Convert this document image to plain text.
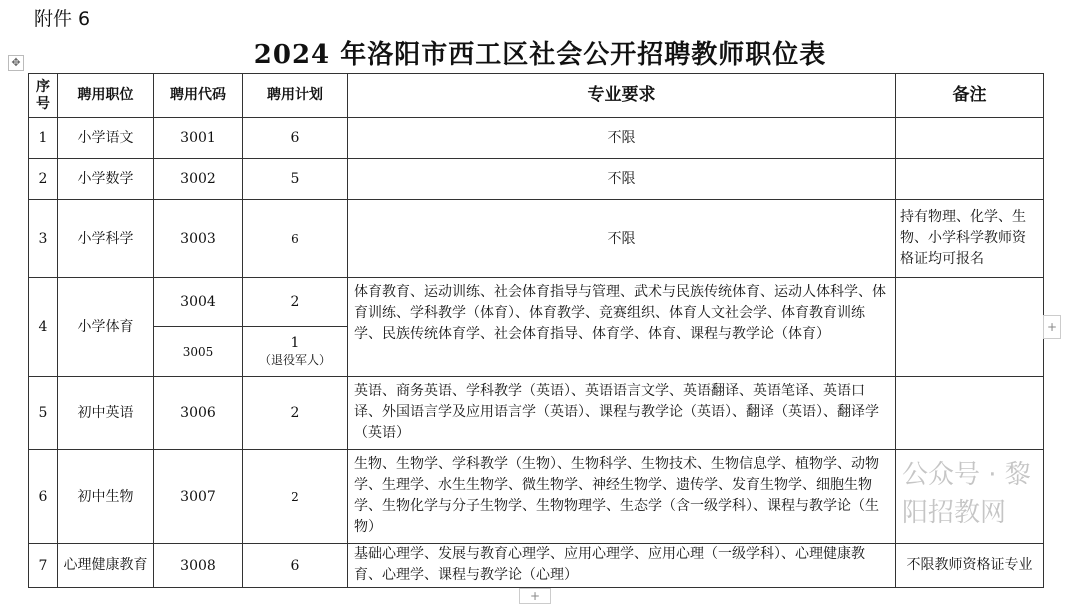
附件 6
2024 年洛阳市西工区社会公开招聘教师职位表
✥
序号	聘用职位	聘用代码	聘用计划	专业要求	备注
1	小学语文	3001	6	不限	
2	小学数学	3002	5	不限	
3	小学科学	3003	6	不限	持有物理、化学、生物、小学科学教师资格证均可报名
4	小学体育	3004	2	体育教育、运动训练、社会体育指导与管理、武术与民族传统体育、运动人体科学、体育训练、学科教学（体育）、体育教学、竞赛组织、体育人文社会学、体育教育训练学、民族传统体育学、社会体育指导、体育学、体育、课程与教学论（体育）	
		3005	1
（退役军人）		

5	初中英语	3006	2	英语、商务英语、学科教学（英语）、英语语言文学、英语翻译、英语笔译、英语口译、外国语言学及应用语言学（英语）、课程与教学论（英语）、翻译（英语）、翻译学（英语）	
6	初中生物	3007	2	生物、生物学、学科教学（生物）、生物科学、生物技术、生物信息学、植物学、动物学、生理学、水生生物学、微生物学、神经生物学、遗传学、发育生物学、细胞生物学、生物化学与分子生物学、生物物理学、生态学（含一级学科）、课程与教学论（生物）	
7	心理健康教育	3008	6	基础心理学、发展与教育心理学、应用心理学、应用心理（一级学科）、心理健康教育、心理学、课程与教学论（心理）	不限教师资格证专业
+
+
公众号 · 黎阳招教网
